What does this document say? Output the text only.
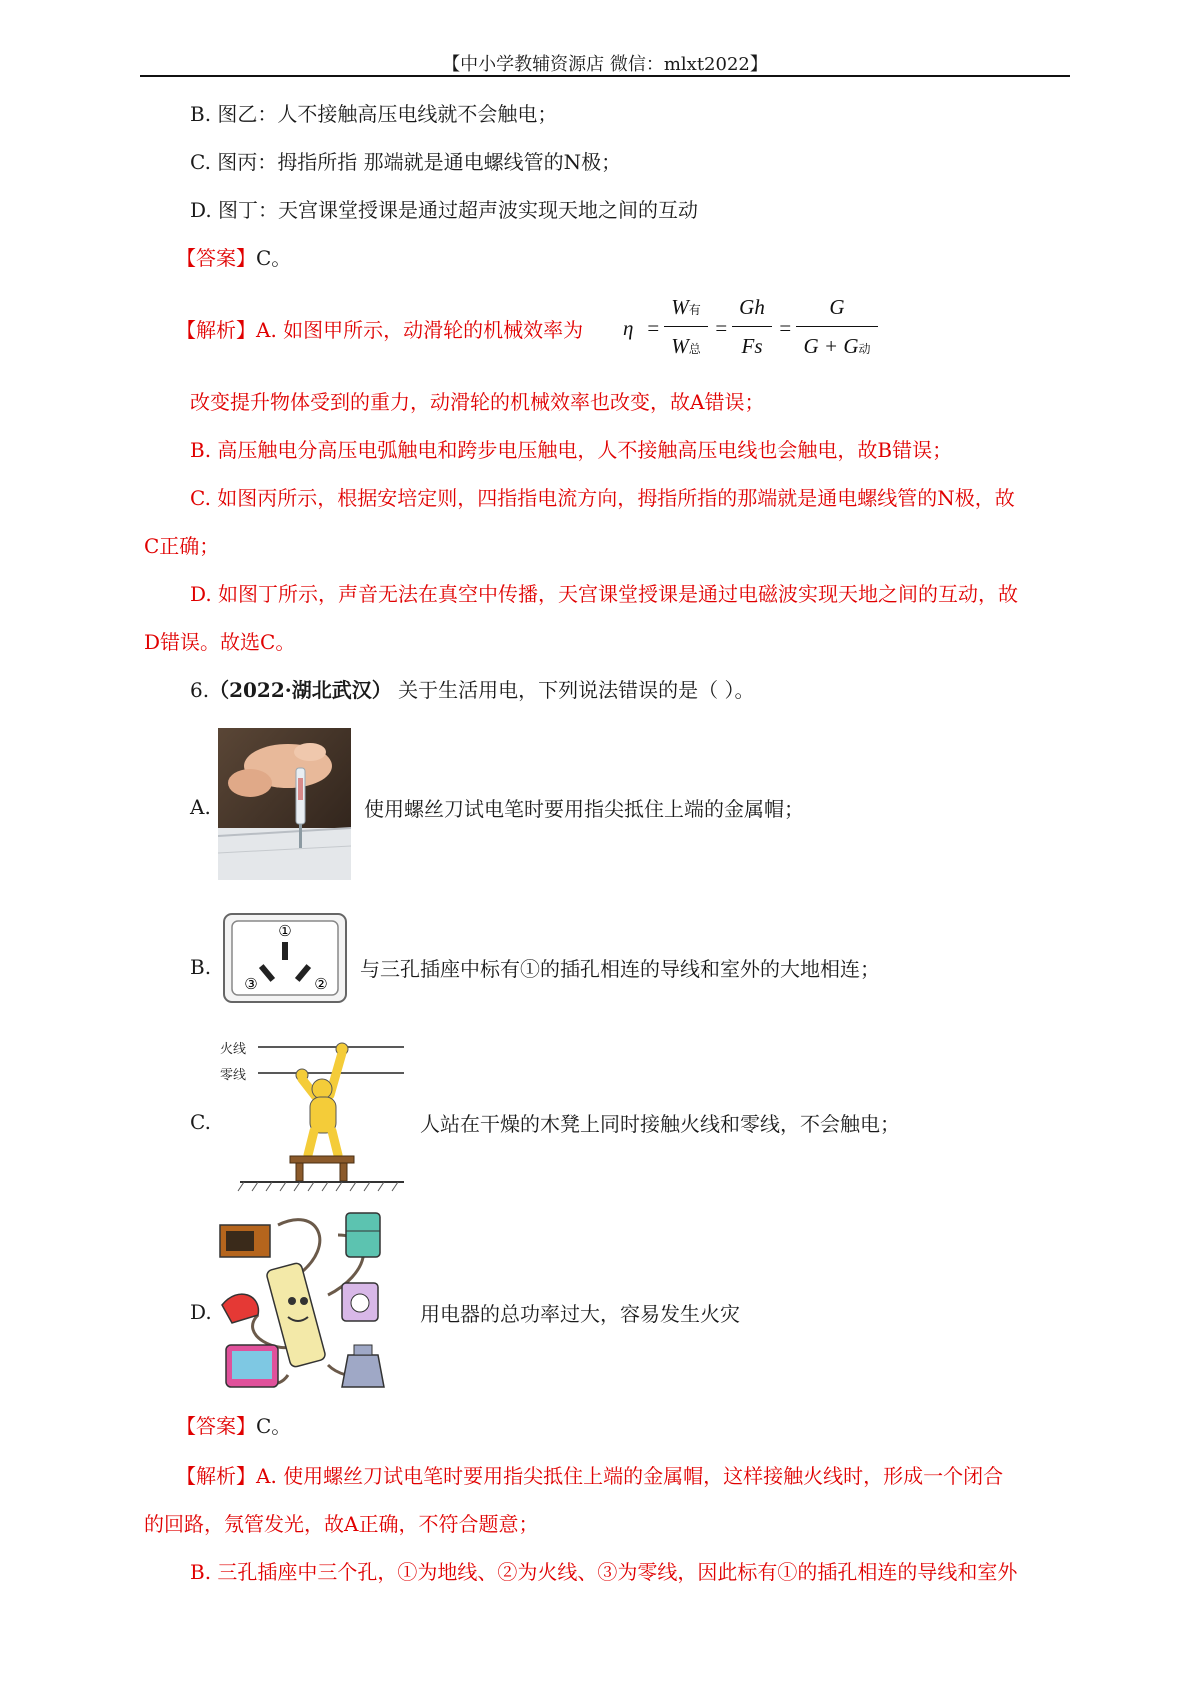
【中小学教辅资源店 微信：mlxt2022】
B. 图乙：人不接触高压电线就不会触电；
C. 图丙：拇指所指 那端就是通电螺线管的N极；
D. 图丁：天宫课堂授课是通过超声波实现天地之间的互动
【答案】C。
【解析】A. 如图甲所示，动滑轮的机械效率为 η =
W有
W总
=
Gh
Fs
=
G
G + G动
改变提升物体受到的重力，动滑轮的机械效率也改变，故A错误；
B. 高压触电分高压电弧触电和跨步电压触电，人不接触高压电线也会触电，故B错误；
C. 如图丙所示，根据安培定则，四指指电流方向，拇指所指的那端就是通电螺线管的N极，故
C正确；
D. 如图丁所示，声音无法在真空中传播，天宫课堂授课是通过电磁波实现天地之间的互动，故
D错误。故选C。
6.（2022·湖北武汉） 关于生活用电，下列说法错误的是（ ）。
A.	使用螺丝刀试电笔时要用指尖抵住上端的金属帽；
B.
①
③	②
与三孔插座中标有①的插孔相连的导线和室外的大地相连；
C.
火线
零线
人站在干燥的木凳上同时接触火线和零线，不会触电；
D.	用电器的总功率过大，容易发生火灾
【答案】C。
【解析】A. 使用螺丝刀试电笔时要用指尖抵住上端的金属帽，这样接触火线时，形成一个闭合
的回路，氖管发光，故A正确，不符合题意；
B. 三孔插座中三个孔，①为地线、②为火线、③为零线，因此标有①的插孔相连的导线和室外
